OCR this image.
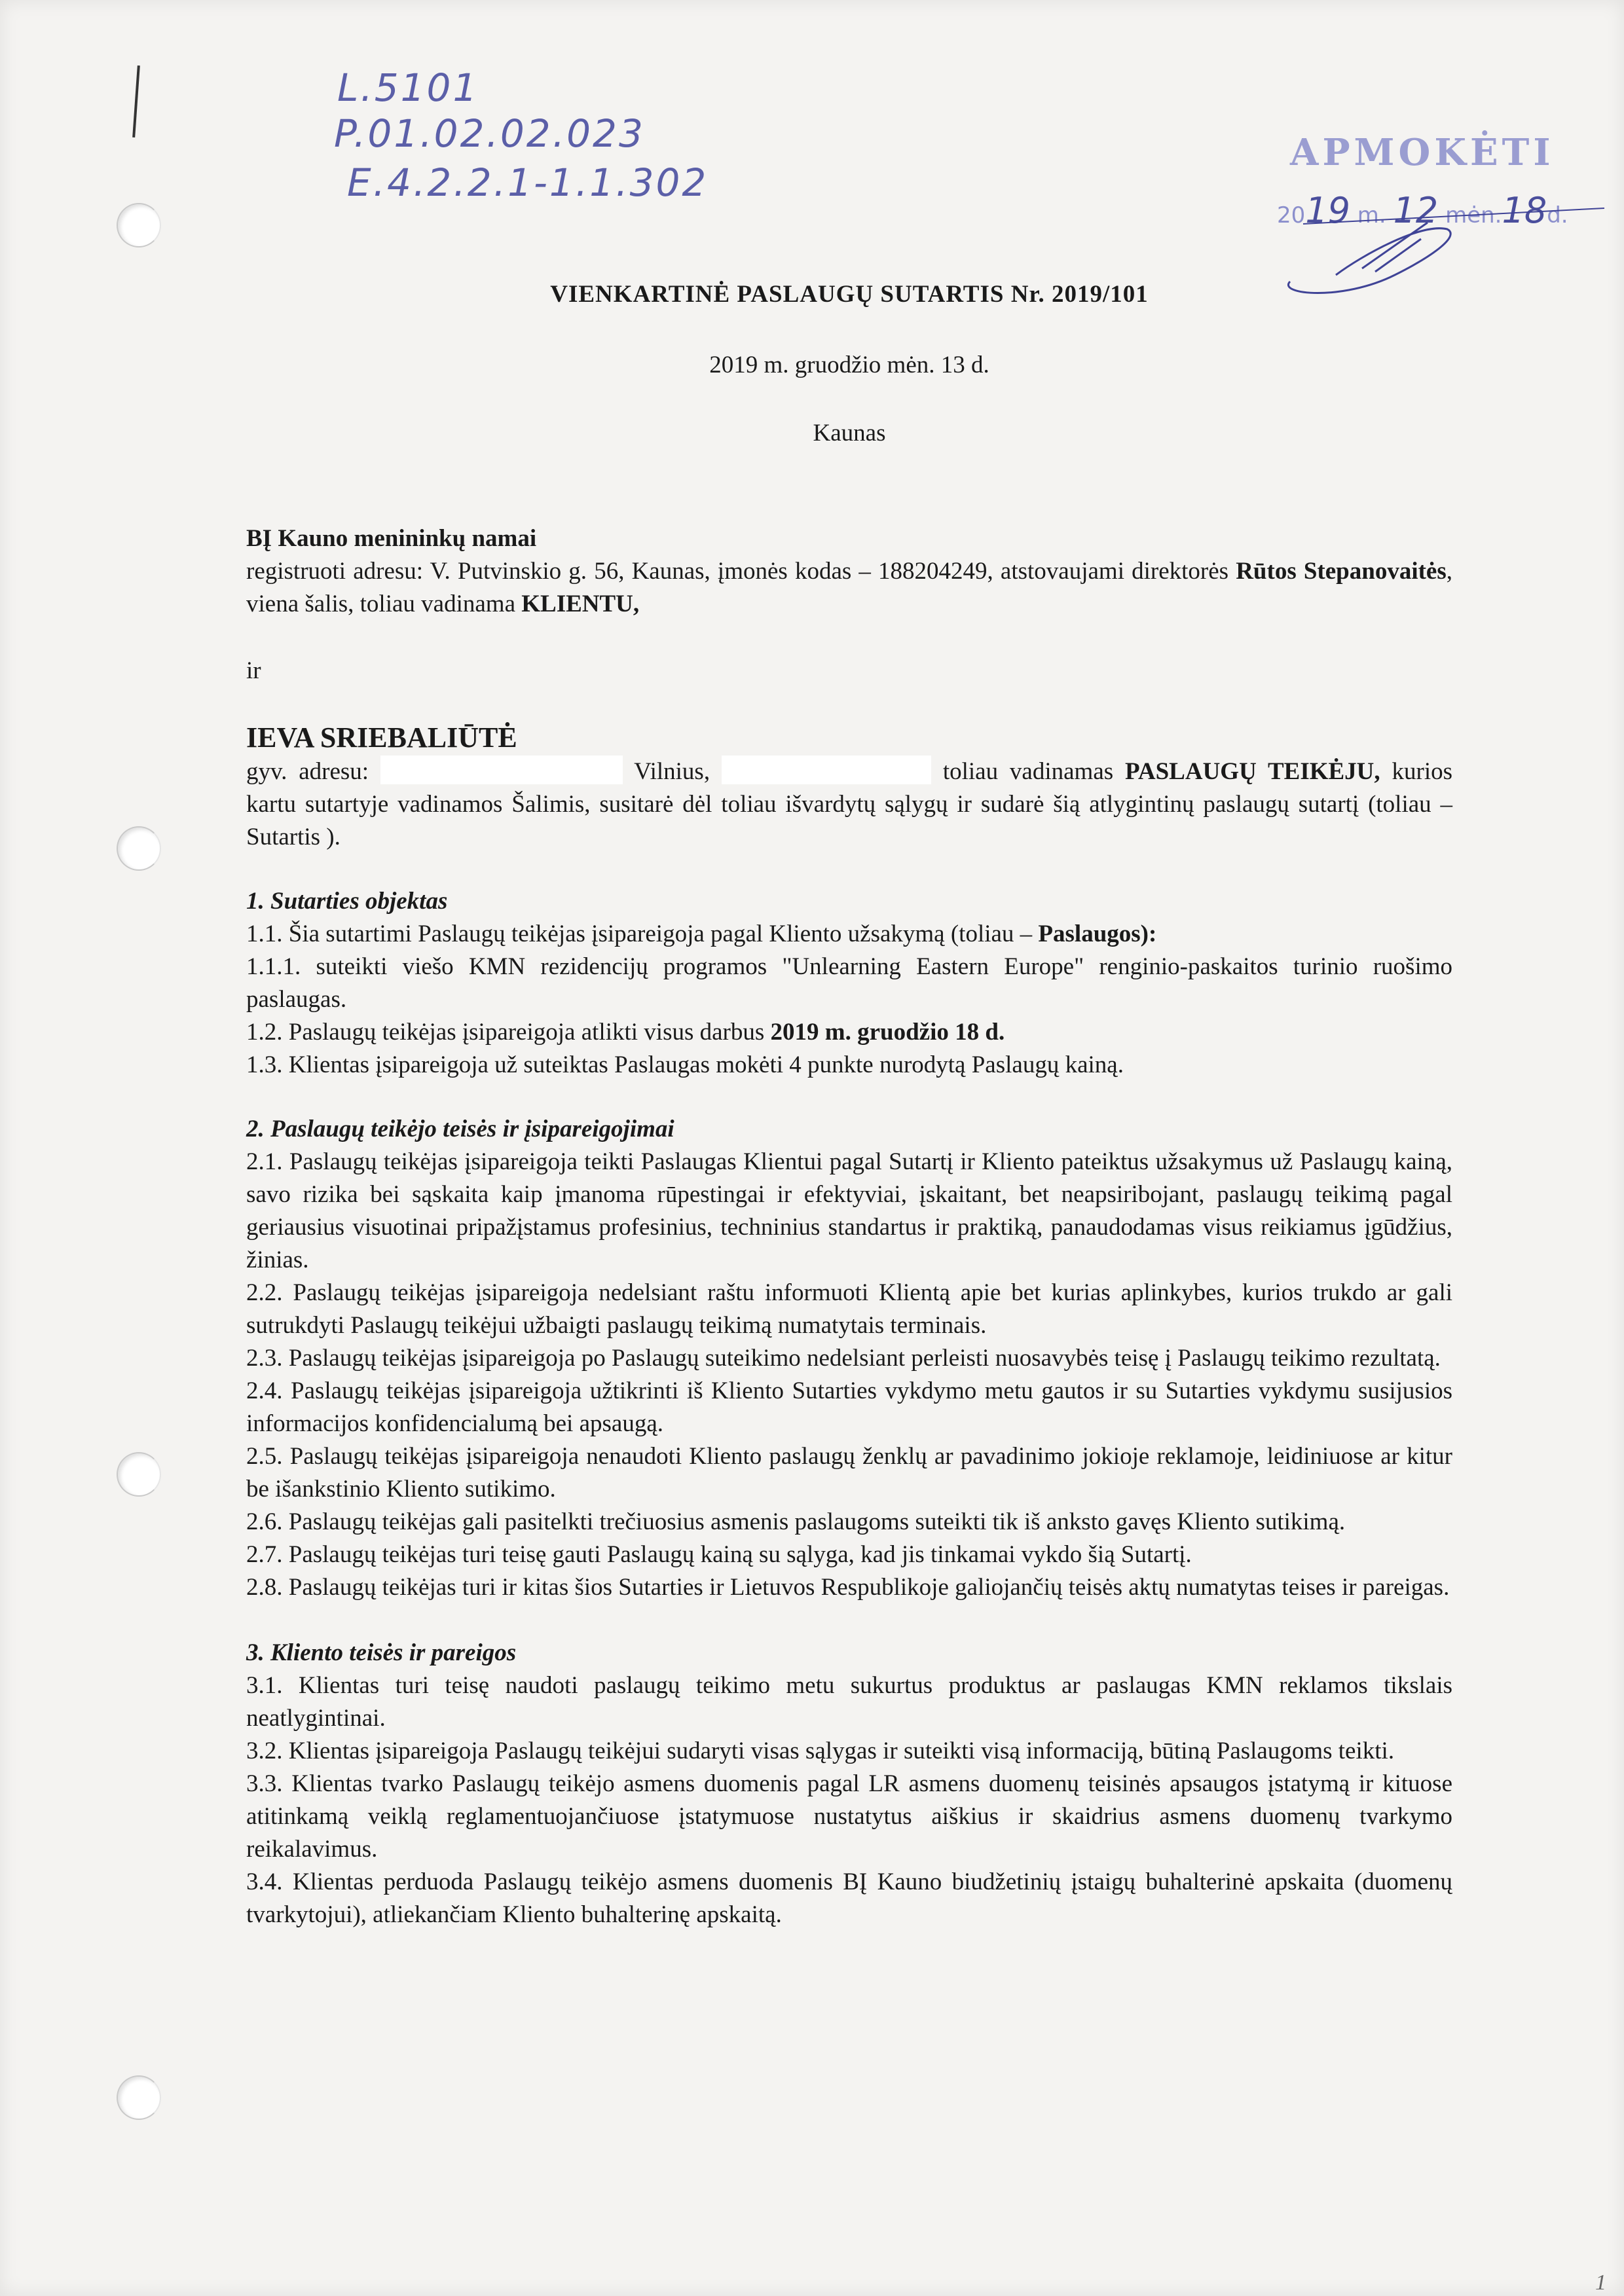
L.5101
P.01.02.02.023
E.4.2.2.1-1.1.302
APMOKĖTI
2019 m. 12 mėn.18d.
VIENKARTINĖ PASLAUGŲ SUTARTIS Nr. 2019/101
2019 m. gruodžio mėn. 13 d.
Kaunas

BĮ Kauno menininkų namai

registruoti adresu: V. Putvinskio g. 56, Kaunas, įmonės kodas – 188204249, atstovaujami direktorės Rūtos Stepanovaitės, viena šalis, toliau vadinama KLIENTU,

ir

IEVA SRIEBALIŪTĖ

gyv. adresu:	Vilnius,	toliau vadinamas PASLAUGŲ TEIKĖJU, kurios kartu sutartyje vadinamos Šalimis, susitarė dėl toliau išvardytų sąlygų ir sudarė šią atlygintinų paslaugų sutartį (toliau – Sutartis ).

1. Sutarties objektas

1.1. Šia sutartimi Paslaugų teikėjas įsipareigoja pagal Kliento užsakymą (toliau – Paslaugos):

1.1.1. suteikti viešo KMN rezidencijų programos "Unlearning Eastern Europe" renginio-paskaitos turinio ruošimo paslaugas.

1.2. Paslaugų teikėjas įsipareigoja atlikti visus darbus 2019 m. gruodžio 18 d.

1.3. Klientas įsipareigoja už suteiktas Paslaugas mokėti 4 punkte nurodytą Paslaugų kainą.

2. Paslaugų teikėjo teisės ir įsipareigojimai

2.1. Paslaugų teikėjas įsipareigoja teikti Paslaugas Klientui pagal Sutartį ir Kliento pateiktus užsakymus už Paslaugų kainą, savo rizika bei sąskaita kaip įmanoma rūpestingai ir efektyviai, įskaitant, bet neapsiribojant, paslaugų teikimą pagal geriausius visuotinai pripažįstamus profesinius, techninius standartus ir praktiką, panaudodamas visus reikiamus įgūdžius, žinias.

2.2. Paslaugų teikėjas įsipareigoja nedelsiant raštu informuoti Klientą apie bet kurias aplinkybes, kurios trukdo ar gali sutrukdyti Paslaugų teikėjui užbaigti paslaugų teikimą numatytais terminais.

2.3. Paslaugų teikėjas įsipareigoja po Paslaugų suteikimo nedelsiant perleisti nuosavybės teisę į Paslaugų teikimo rezultatą.

2.4. Paslaugų teikėjas įsipareigoja užtikrinti iš Kliento Sutarties vykdymo metu gautos ir su Sutarties vykdymu susijusios informacijos konfidencialumą bei apsaugą.

2.5. Paslaugų teikėjas įsipareigoja nenaudoti Kliento paslaugų ženklų ar pavadinimo jokioje reklamoje, leidiniuose ar kitur be išankstinio Kliento sutikimo.

2.6. Paslaugų teikėjas gali pasitelkti trečiuosius asmenis paslaugoms suteikti tik iš anksto gavęs Kliento sutikimą.

2.7. Paslaugų teikėjas turi teisę gauti Paslaugų kainą su sąlyga, kad jis tinkamai vykdo šią Sutartį.

2.8. Paslaugų teikėjas turi ir kitas šios Sutarties ir Lietuvos Respublikoje galiojančių teisės aktų numatytas teises ir pareigas.

3. Kliento teisės ir pareigos

3.1. Klientas turi teisę naudoti paslaugų teikimo metu sukurtus produktus ar paslaugas KMN reklamos tikslais neatlygintinai.

3.2. Klientas įsipareigoja Paslaugų teikėjui sudaryti visas sąlygas ir suteikti visą informaciją, būtiną Paslaugoms teikti.

3.3. Klientas tvarko Paslaugų teikėjo asmens duomenis pagal LR asmens duomenų teisinės apsaugos įstatymą ir kituose atitinkamą veiklą reglamentuojančiuose įstatymuose nustatytus aiškius ir skaidrius asmens duomenų tvarkymo reikalavimus.

3.4. Klientas perduoda Paslaugų teikėjo asmens duomenis BĮ Kauno biudžetinių įstaigų buhalterinė apskaita (duomenų tvarkytojui), atliekančiam Kliento buhalterinę apskaitą.

1
